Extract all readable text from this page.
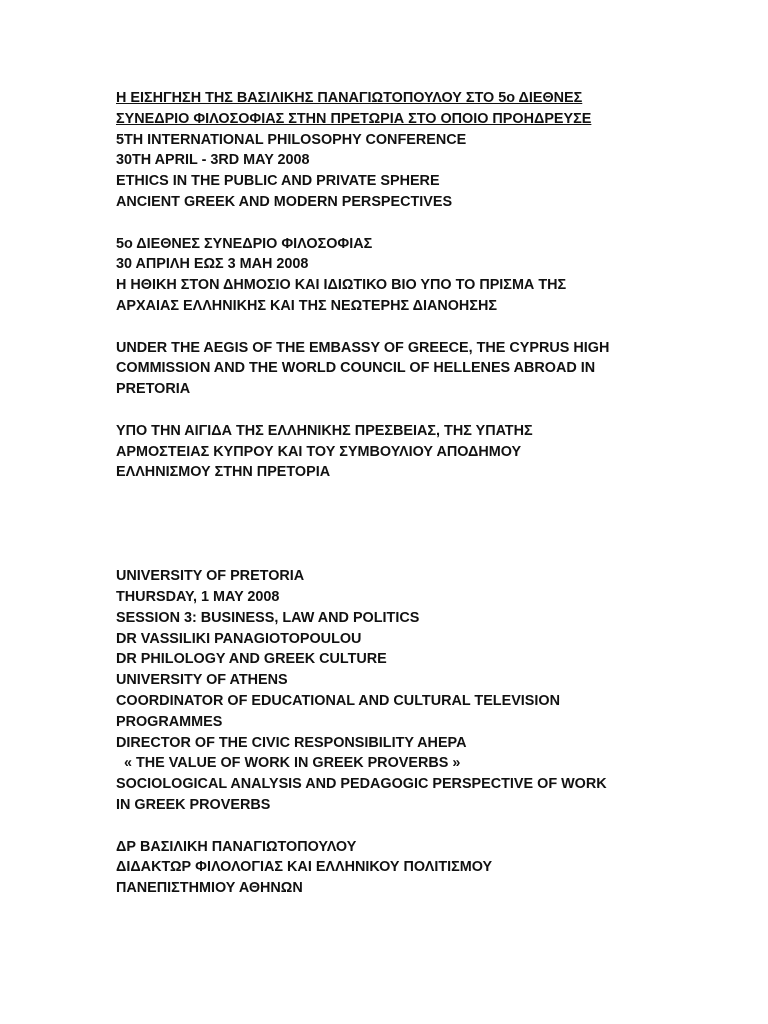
Η ΕΙΣΗΓΗΣΗ ΤΗΣ ΒΑΣΙΛΙΚΗΣ ΠΑΝΑΓΙΩΤΟΠΟΥΛΟΥ ΣΤΟ 5ο ΔΙΕΘΝΕΣ
ΣΥΝΕΔΡΙΟ ΦΙΛΟΣΟΦΙΑΣ ΣΤΗΝ ΠΡΕΤΩΡΙΑ ΣΤΟ ΟΠΟΙΟ ΠΡΟΗΔΡΕΥΣΕ
5TH INTERNATIONAL PHILOSOPHY CONFERENCE
30TH APRIL - 3RD MAY 2008
ETHICS IN THE PUBLIC AND PRIVATE SPHERE
ANCIENT GREEK AND MODERN PERSPECTIVES
5ο ΔΙΕΘΝΕΣ ΣΥΝΕΔΡΙΟ ΦΙΛΟΣΟΦΙΑΣ
30 ΑΠΡΙΛΗ ΕΩΣ 3 ΜΑΗ 2008
Η ΗΘΙΚΗ ΣΤΟΝ ΔΗΜΟΣΙΟ ΚΑΙ ΙΔΙΩΤΙΚΟ ΒΙΟ ΥΠΟ ΤΟ ΠΡΙΣΜΑ ΤΗΣ
ΑΡΧΑΙΑΣ ΕΛΛΗΝΙΚΗΣ ΚΑΙ ΤΗΣ ΝΕΩΤΕΡΗΣ ΔΙΑΝΟΗΣΗΣ
UNDER THE AEGIS OF THE EMBASSY OF GREECE, THE CYPRUS HIGH
COMMISSION AND THE WORLD COUNCIL OF HELLENES ABROAD IN
PRETORIA
ΥΠΟ ΤΗΝ ΑΙΓΙΔΑ ΤΗΣ ΕΛΛΗΝΙΚΗΣ ΠΡΕΣΒΕΙΑΣ, ΤΗΣ ΥΠΑΤΗΣ
ΑΡΜΟΣΤΕΙΑΣ ΚΥΠΡΟΥ ΚΑΙ ΤΟΥ ΣΥΜΒΟΥΛΙΟΥ ΑΠΟΔΗΜΟΥ
ΕΛΛΗΝΙΣΜΟΥ ΣΤΗΝ ΠΡΕΤΟΡΙΑ
UNIVERSITY OF PRETORIA
THURSDAY, 1 MAY 2008
SESSION 3: BUSINESS, LAW AND POLITICS
DR VASSILIKI PANAGIOTOPOULOU
DR PHILOLOGY AND GREEK CULTURE
UNIVERSITY OF ATHENS
COORDINATOR OF EDUCATIONAL AND CULTURAL TELEVISION
PROGRAMMES
DIRECTOR OF THE CIVIC RESPONSIBILITY AHEPA
« THE VALUE OF WORK IN GREEK PROVERBS »
SOCIOLOGICAL ANALYSIS AND PEDAGOGIC PERSPECTIVE OF WORK
IN GREEK PROVERBS
ΔΡ ΒΑΣΙΛΙΚΗ ΠΑΝΑΓΙΩΤΟΠΟΥΛΟΥ
ΔΙΔΑΚΤΩΡ ΦΙΛΟΛΟΓΙΑΣ ΚΑΙ ΕΛΛΗΝΙΚΟΥ ΠΟΛΙΤΙΣΜΟΥ
ΠΑΝΕΠΙΣΤΗΜΙΟΥ ΑΘΗΝΩΝ
